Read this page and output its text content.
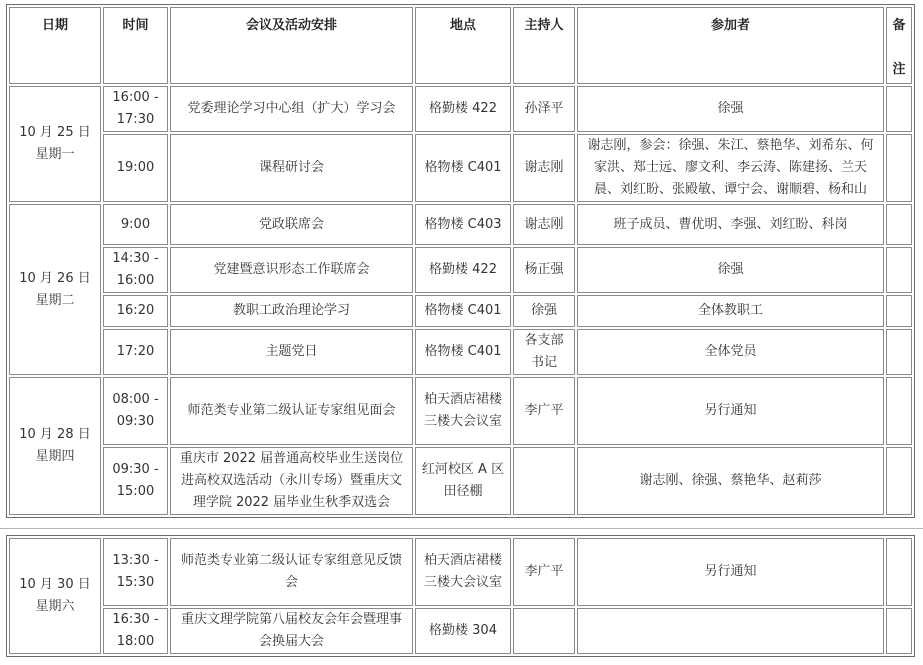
日期	时间	会议及活动安排	地点	主持人	参加者	备

注
10 月 25 日
星期一	16:00 - 17:30	党委理论学习中心组（扩大）学习会	格勤楼 422	孙泽平	徐强	
	19:00	课程研讨会	格物楼 C401	谢志刚	谢志刚，参会：徐强、朱江、蔡艳华、刘希东、何家洪、郑士远、廖文利、李云涛、陈建扬、兰天晨、刘红盼、张殿敏、谭宁会、谢顺碧、杨和山	
10 月 26 日
星期二	9:00	党政联席会	格物楼 C403	谢志刚	班子成员、曹优明、李强、刘红盼、科岗	
	14:30 - 16:00	党建暨意识形态工作联席会	格勤楼 422	杨正强	徐强	
	16:20	教职工政治理论学习	格物楼 C401	徐强	全体教职工	
	17:20	主题党日	格物楼 C401	各支部书记	全体党员	
10 月 28 日
星期四	08:00 - 09:30	师范类专业第二级认证专家组见面会	柏天酒店裙楼三楼大会议室	李广平	另行通知	
	09:30 - 15:00	重庆市 2022 届普通高校毕业生送岗位进高校双选活动（永川专场）暨重庆文理学院 2022 届毕业生秋季双选会	红河校区 A 区田径棚		谢志刚、徐强、蔡艳华、赵莉莎	
10 月 30 日
星期六	13:30 - 15:30	师范类专业第二级认证专家组意见反馈会	柏天酒店裙楼三楼大会议室	李广平	另行通知	
	16:30 - 18:00	重庆文理学院第八届校友会年会暨理事会换届大会	格勤楼 304			
